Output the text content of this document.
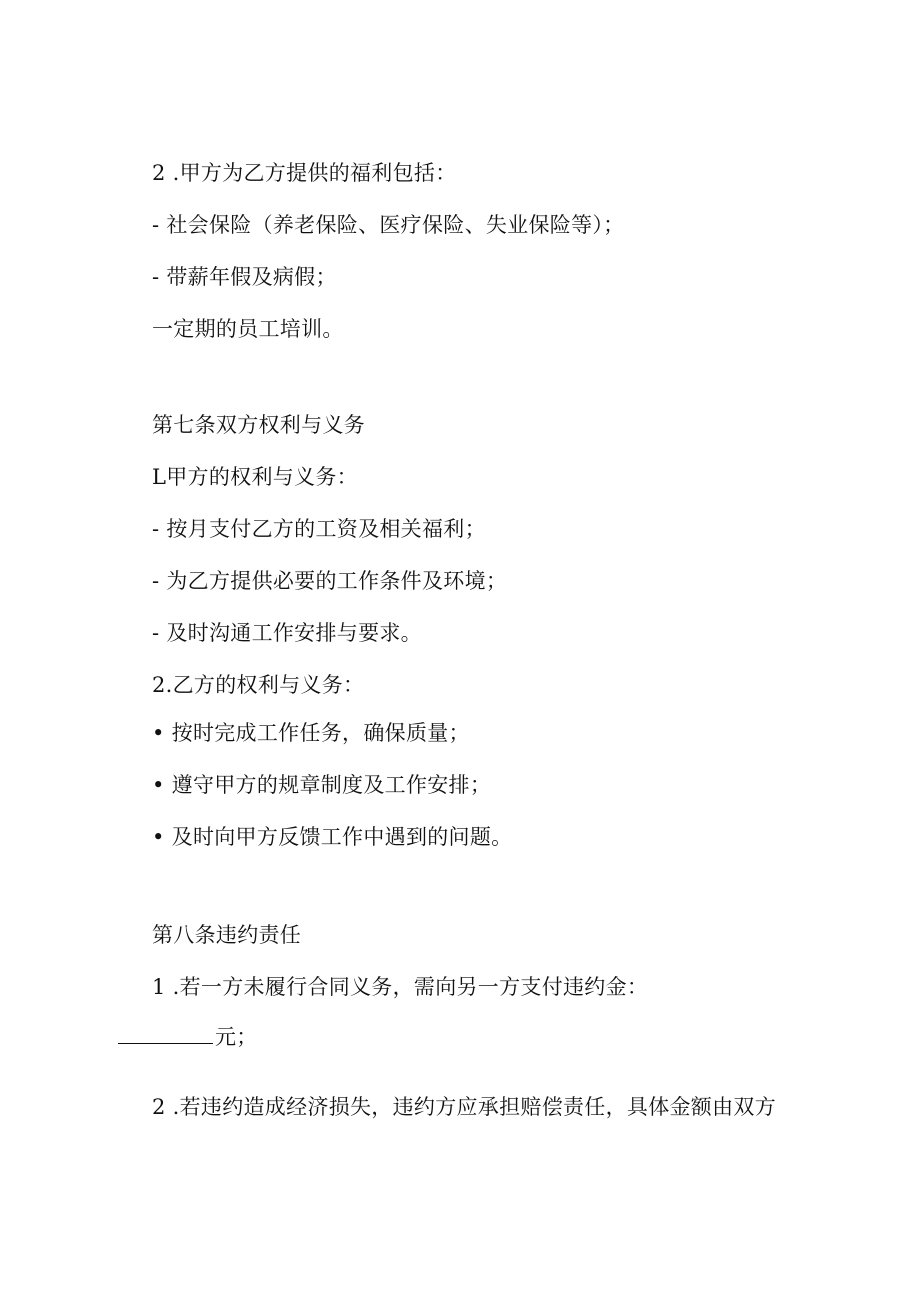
2 .甲方为乙方提供的福利包括：
- 社会保险（养老保险、医疗保险、失业保险等）；
- 带薪年假及病假；
一定期的员工培训。
第七条双方权利与义务
L甲方的权利与义务：
- 按月支付乙方的工资及相关福利；
- 为乙方提供必要的工作条件及环境；
- 及时沟通工作安排与要求。
2.乙方的权利与义务：
• 按时完成工作任务，确保质量；
• 遵守甲方的规章制度及工作安排；
• 及时向甲方反馈工作中遇到的问题。
第八条违约责任
1 .若一方未履行合同义务，需向另一方支付违约金：
元；
2 .若违约造成经济损失，违约方应承担赔偿责任，具体金额由双方
